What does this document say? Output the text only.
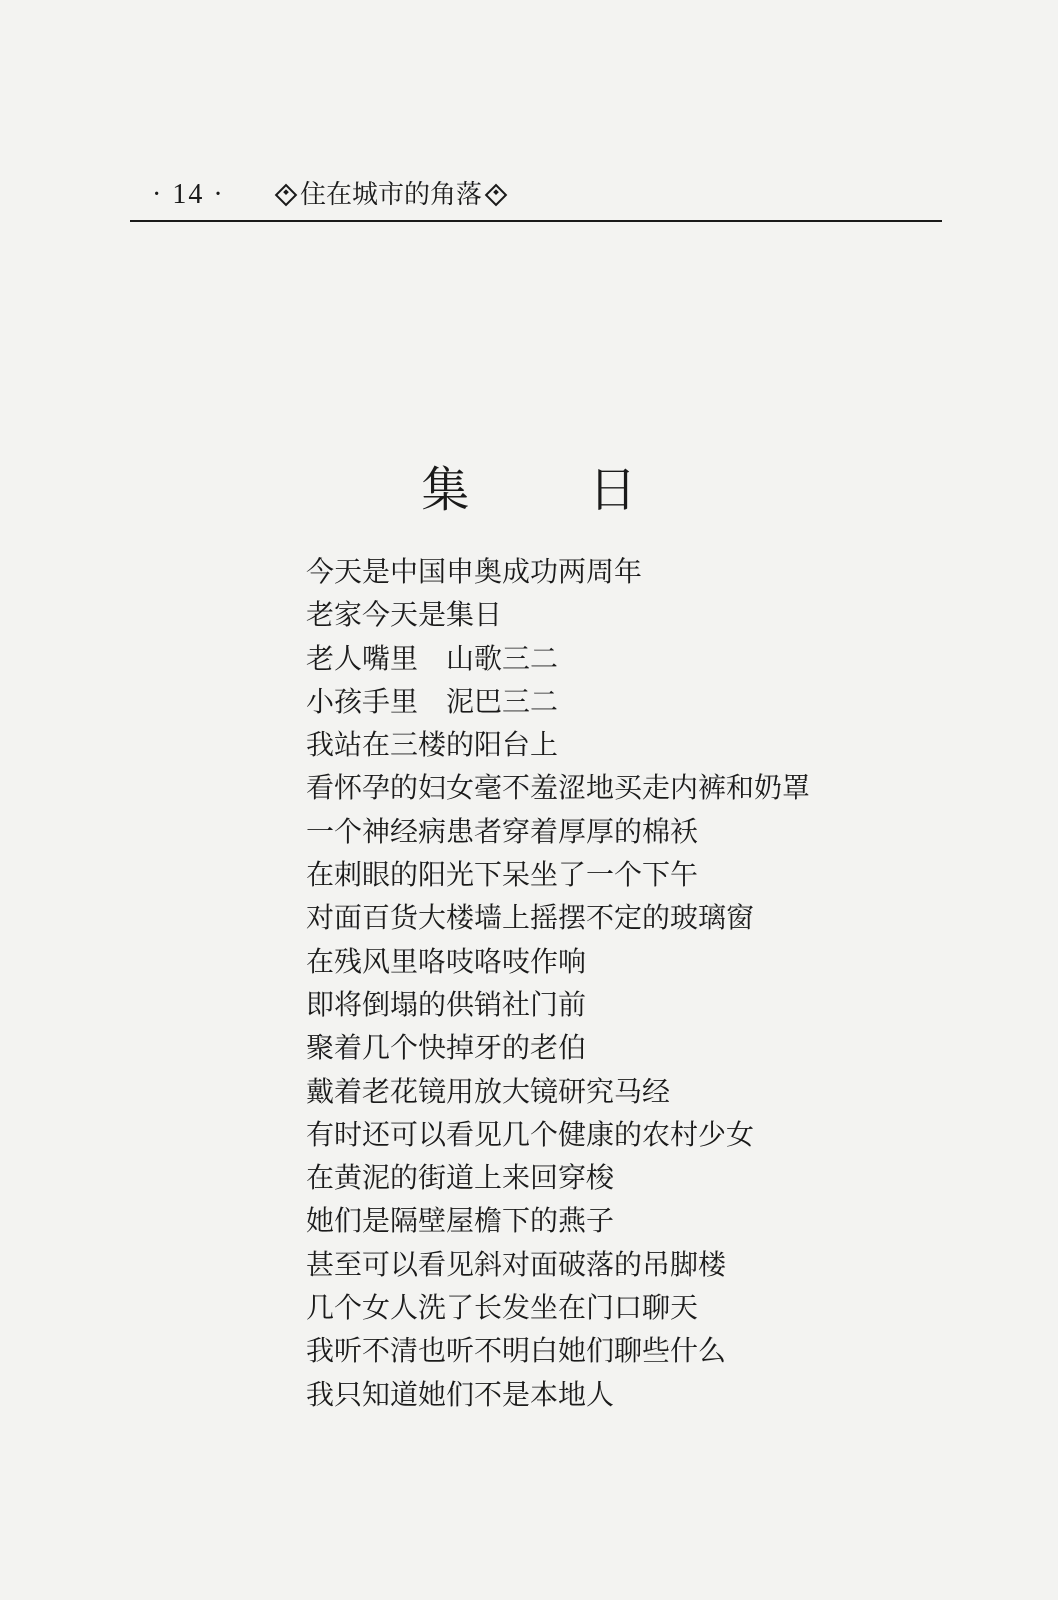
· 14 ·	住在城市的角落
集 日
今天是中国申奥成功两周年
老家今天是集日
老人嘴里　山歌三二
小孩手里　泥巴三二
我站在三楼的阳台上
看怀孕的妇女毫不羞涩地买走内裤和奶罩
一个神经病患者穿着厚厚的棉袄
在刺眼的阳光下呆坐了一个下午
对面百货大楼墙上摇摆不定的玻璃窗
在残风里咯吱咯吱作响
即将倒塌的供销社门前
聚着几个快掉牙的老伯
戴着老花镜用放大镜研究马经
有时还可以看见几个健康的农村少女
在黄泥的街道上来回穿梭
她们是隔壁屋檐下的燕子
甚至可以看见斜对面破落的吊脚楼
几个女人洗了长发坐在门口聊天
我听不清也听不明白她们聊些什么
我只知道她们不是本地人
